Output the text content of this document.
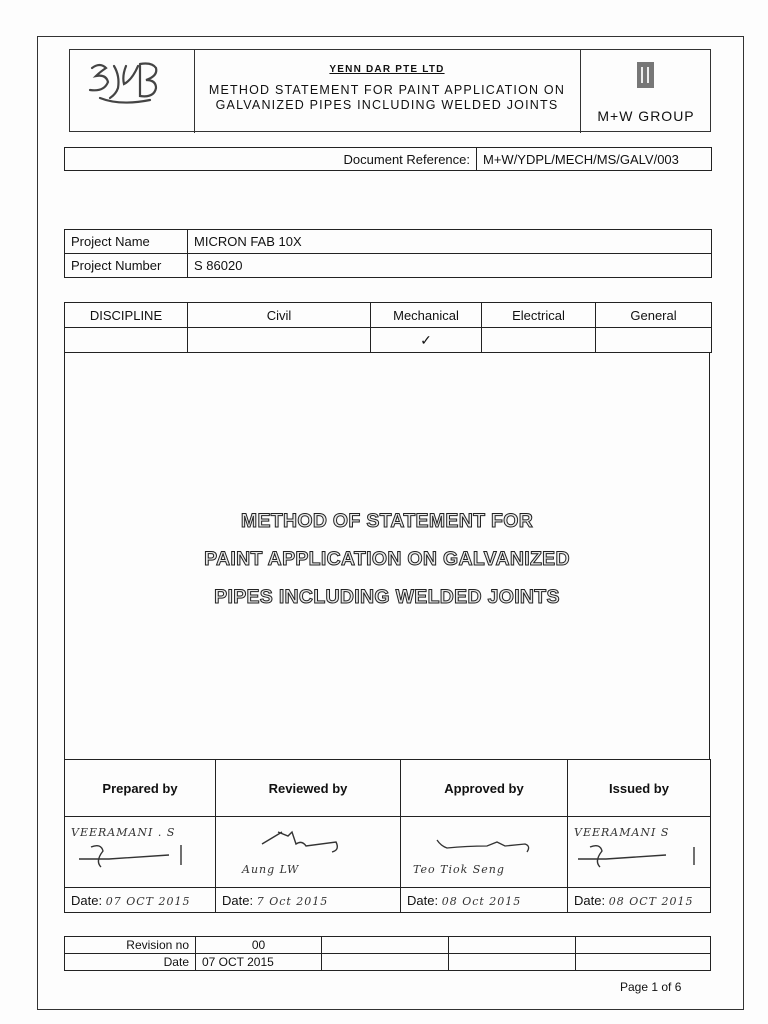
YENN DAR PTE LTD
METHOD STATEMENT FOR PAINT APPLICATION ON
GALVANIZED PIPES INCLUDING WELDED JOINTS
M+W GROUP
Document Reference:	M+W/YDPL/MECH/MS/GALV/003
Project Name	MICRON FAB 10X
Project Number	S 86020
DISCIPLINE	Civil	Mechanical	Electrical	General
		✓		
METHOD OF STATEMENT FOR
PAINT APPLICATION ON GALVANIZED
PIPES INCLUDING WELDED JOINTS
Prepared by	Reviewed by	Approved by	Issued by

VEERAMANI . S	Aung LW	Teo Tiok Seng	VEERAMANI S

Date: 07 OCT 2015	Date: 7 Oct 2015	Date: 08 Oct 2015	Date: 08 OCT 2015
Revision no	00			
Date	07 OCT 2015			
Page 1 of 6
